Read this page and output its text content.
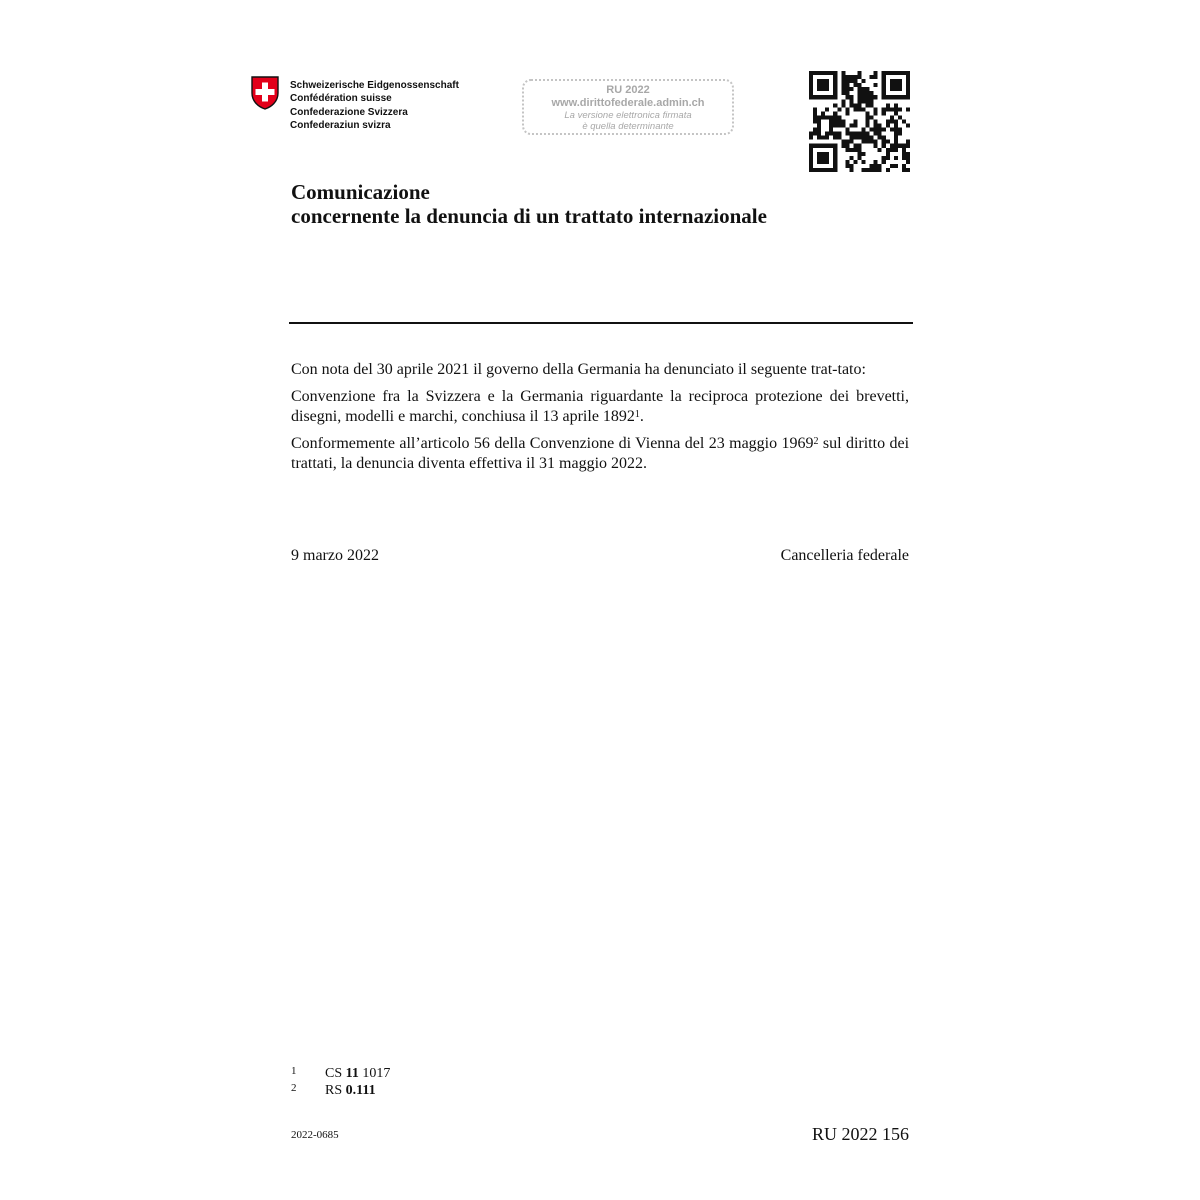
Schweizerische Eidgenossenschaft
Confédération suisse
Confederazione Svizzera
Confederaziun svizra
RU 2022
www.dirittofederale.admin.ch
La versione elettronica firmata
è quella determinante
Comunicazione
concernente la denuncia di un trattato internazionale

Con nota del 30 aprile 2021 il governo della Germania ha denunciato il seguente trat-tato:

Convenzione fra la Svizzera e la Germania riguardante la reciproca protezione dei brevetti, disegni, modelli e marchi, conchiusa il 13 aprile 1892$^1$.

Conformemente all’articolo 56 della Convenzione di Vienna del 23 maggio 1969$^2$ sul diritto dei trattati, la denuncia diventa effettiva il 31 maggio 2022.

9 marzo 2022	Cancelleria federale
1 CS 11 1017
2 RS 0.111
2022-0685	RU 2022 156
